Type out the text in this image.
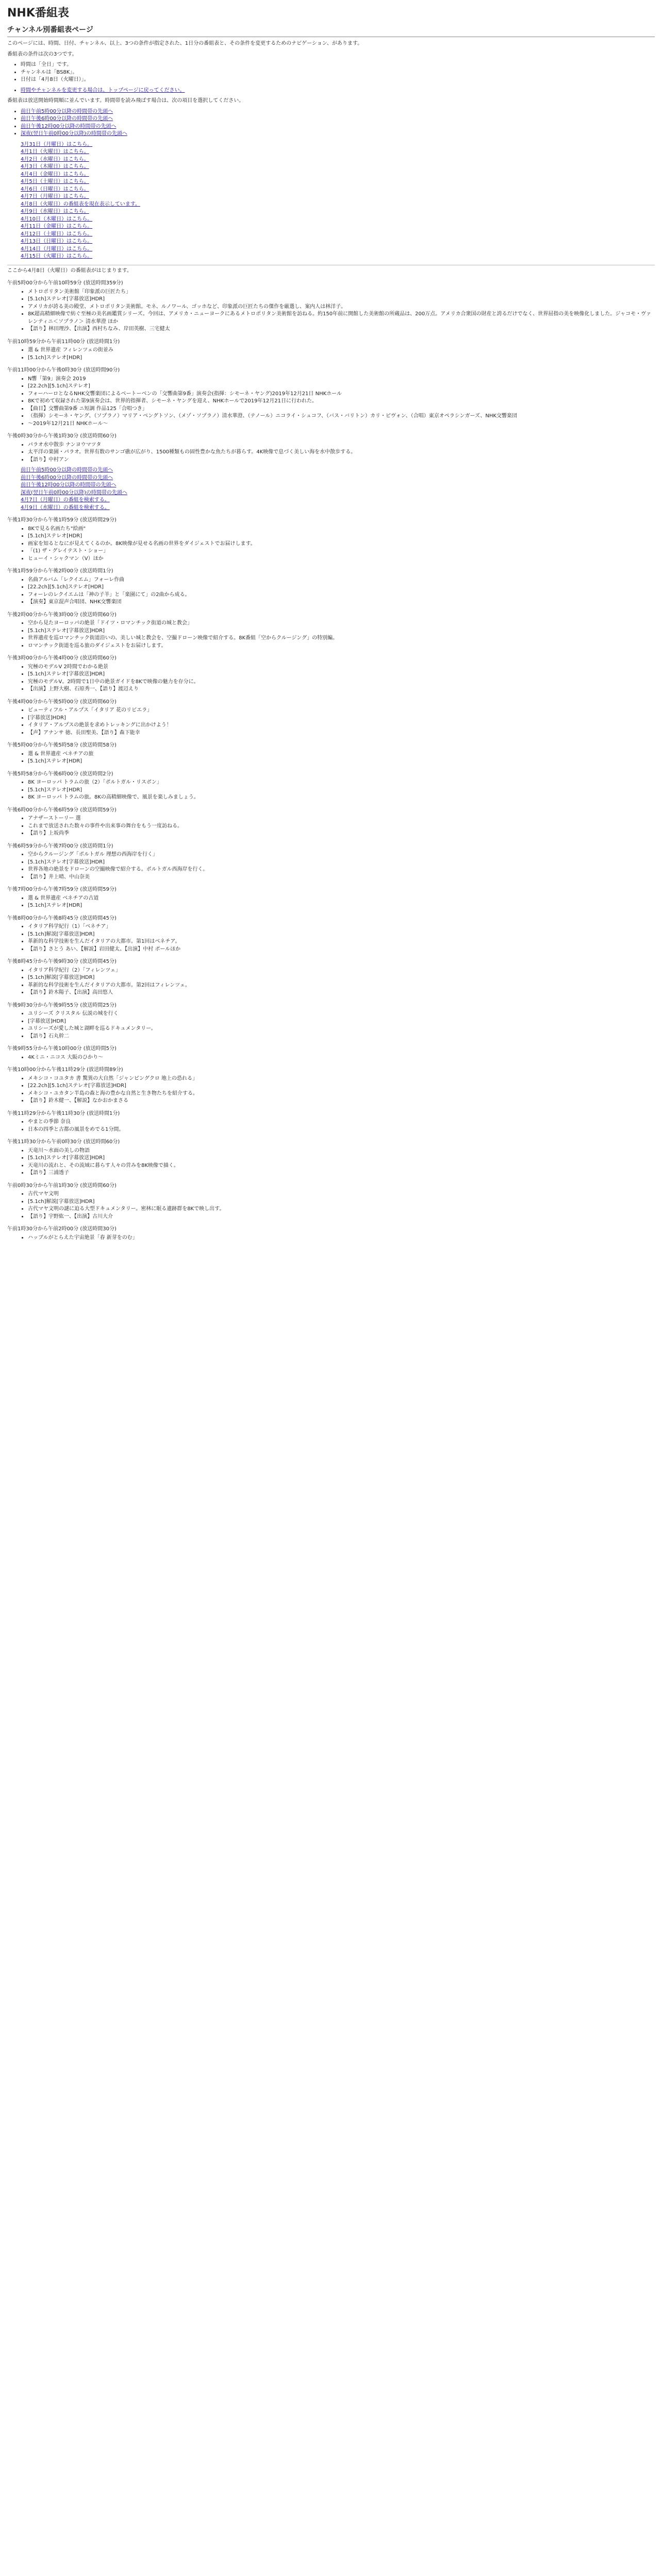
NHK番組表
チャンネル別番組表ページ

このページには、時間、日付、チャンネル、以上、3つの条件が指定された、1日分の番組表と、その条件を変更するためのナビゲーション、があります。

番組表の条件は次の3つです。
• 時間は「全日」です。
• チャンネルは「BS8K」。
• 日付は「4月8日（火曜日）」。
• 時間やチャンネルを変更する場合は、トップページに戻ってください。
番組表は放送開始時間順に並んでいます。時間帯を読み飛ばす場合は、次の項目を選択してください。
• 前日午前5時00分以降の時間帯の先頭へ
• 前日午後6時00分以降の時間帯の先頭へ
• 前日午後12時00分以降の時間帯の先頭へ
• 深夜(翌日午前0時00分以降)の時間帯の先頭へ
3月31日（月曜日）はこちら。
4月1日（火曜日）はこちら。
4月2日（水曜日）はこちら。
4月3日（木曜日）はこちら。
4月4日（金曜日）はこちら。
4月5日（土曜日）はこちら。
4月6日（日曜日）はこちら。
4月7日（月曜日）はこちら。
4月8日（火曜日）の番組表を現在表示しています。
4月9日（水曜日）はこちら。
4月10日（木曜日）はこちら。
4月11日（金曜日）はこちら。
4月12日（土曜日）はこちら。
4月13日（日曜日）はこちら。
4月14日（月曜日）はこちら。
4月15日（火曜日）はこちら。
ここから4月8日（火曜日）の番組表がはじまります。
午前5時00分から午前10時59分 (放送時間359分)
• メトロポリタン美術館「印象派の巨匠たち」
• [5.1ch]ステレオ[字幕放送]HDR]
• アメリカが誇る美の殿堂、メトロポリタン美術館。モネ、ルノワール、ゴッホなど、印象派の巨匠たちの傑作を厳選し、案内人は林洋子。
• 8K超高精細映像で紡ぐ至極の美名画鑑賞シリーズ。今回は、アメリカ・ニューヨークにあるメトロポリタン美術館を訪ねる。約150年前に開館した美術館の所蔵品は、200万点。アメリカ合衆国の財産と誇るだけでなく、世界屈指の美を映像化しました。ジャコモ・ヴァレンティニ＜ソプラノ＞ 清水華澄 ほか
• 【語り】林田理沙、【出演】西村ちなみ、岸田英樹、三宅健太
午前10時59分から午前11時00分 (放送時間1分)
• 選 & 世界遺産 フィレンツェの街並み
• [5.1ch]ステレオ[HDR]
午前11時00分から午後0時30分 (放送時間90分)
• N響「第9」演奏会 2019
• [22.2ch][5.1ch]ステレオ]
• フォーハーロとなるNHK交響楽団によるベートーベンの「交響曲第9番」演奏会(指揮：シモーネ・ヤング)2019年12月21日 NHKホール
• 8Kで初めて収録された第9演奏会は、世界的指揮者、シモーネ・ヤングを迎え、NHKホールで2019年12月21日に行われた。
• 【曲目】交響曲第9番 ニ短調 作品125「合唱つき」
• （指揮）シモーネ・ヤング、（ソプラノ）マリア・ベングトソン、（メゾ・ソプラノ）清水華澄、（テノール）ニコライ・シュコフ、（バス・バリトン）カリ・ピヴォン、（合唱）東京オペラシンガーズ、NHK交響楽団
• 〜2019年12月21日 NHKホール〜
午後0時30分から午後1時30分 (放送時間60分)
• パラオ水中散歩 ナンヨウマツタ
• 太平洋の楽園・パラオ。世界有数のサンゴ礁が広がり、1500種類もの固性豊かな魚たちが暮らす。4K映像で息づく美しい海を水中散歩する。
• 【語り】中村アン
前日午前5時00分以降の時間帯の先頭へ
前日午後6時00分以降の時間帯の先頭へ
前日午後12時00分以降の時間帯の先頭へ
深夜(翌日午前0時00分以降)の時間帯の先頭へ
4月7日（月曜日）の番組を検索する。
4月9日（水曜日）の番組を検索する。
午後1時30分から午後1時59分 (放送時間29分)
• 8Kで見る名画たち"絵画"
• [5.1ch]ステレオ[HDR]
• 画家を知るとなにが見えてくるのか。8K映像が見せる名画の世界をダイジェストでお届けします。
• 「(1) ザ・グレイテスト・ショー」
• ヒューイ・シャクマン（V）ほか
午後1時59分から午後2時00分 (放送時間1分)
• 名曲アルバム「レクイエム」フォーレ作曲
• [22.2ch][5.1ch]ステレオ[HDR]
• フォーレのレクイエムは「神の子羊」と「楽園にて」の2曲から成る。
• 【演奏】東京混声合唱団、NHK交響楽団
午後2時00分から午後3時00分 (放送時間60分)
• 空から見たヨーロッパの絶景「ドイツ・ロマンチック街道の城と教会」
• [5.1ch]ステレオ[字幕放送]HDR]
• 世界遺産を巡ロマンチック街道沿いの、美しい城と教会を、空撮ドローン映像で紹介する。8K番組「空からクルージング」の特別編。
• ロマンチック街道を巡る旅のダイジェストをお届けします。
午後3時00分から午後4時00分 (放送時間60分)
• 究極のモデルV 2時間でわかる絶景
• [5.1ch]ステレオ[字幕放送]HDR]
• 究極のモデルV。2時間で1日中の絶景ガイドを8Kで映像の魅力を存分に。
• 【出演】上野大樹、石原秀一、【語り】渡辺えり
午後4時00分から午後5時00分 (放送時間60分)
• ビューティフル・アルプス「イタリア 花のリビエラ」
• [字幕放送]HDR]
• イタリア・アルプスの絶景を求めトレッキングに出かけよう！
• 【声】アナンサ 徳、長田聖美、【語り】森下能幸
午後5時00分から午後5時58分 (放送時間58分)
• 選 & 世界遺産 ベネチアの旅
• [5.1ch]ステレオ[HDR]
午後5時58分から午後6時00分 (放送時間2分)
• 8K ヨーロッパ トラムの旅（2）「ポルトガル・リスボン」
• [5.1ch]ステレオ[HDR]
• 8K ヨーロッパ トラムの旅。8Kの高精細映像で、風景を楽しみましょう。
午後6時00分から午後6時59分 (放送時間59分)
• アナザーストーリー 選
• これまで放送された数々の事件や出来事の舞台をもう一度訪ねる。
• 【語り】上坂尚季
午後6時59分から午後7時00分 (放送時間1分)
• 空からクルージング「ポルトガル 理想の西海岸を行く」
• [5.1ch]ステレオ[字幕放送]HDR]
• 世界各地の絶景をドローンの空撮映像で紹介する。ポルトガル西海岸を行く。
• 【語り】井上晴、中山奈美
午後7時00分から午後7時59分 (放送時間59分)
• 選 & 世界遺産 ベネチアの古道
• [5.1ch]ステレオ[HDR]
午後8時00分から午後8時45分 (放送時間45分)
• イタリア科学紀行（1）「ベネチア」
• [5.1ch]解説[字幕放送]HDR]
• 革新的な科学技術を生んだイタリアの大都市。第1回はベネチア。
• 【語り】さとう あい、【解説】岩田健太、【出演】中村 ポールほか
午後8時45分から午後9時30分 (放送時間45分)
• イタリア科学紀行（2）「フィレンツェ」
• [5.1ch]解説[字幕放送]HDR]
• 革新的な科学技術を生んだイタリアの大都市。第2回はフィレンツェ。
• 【語り】鈴木陽子、【出演】高田悠人
午後9時30分から午後9時55分 (放送時間25分)
• ユリシーズ クリスタル 伝説の城を行く
• [字幕放送]HDR]
• ユリシーズが愛した城と湖畔を巡るドキュメンタリー。
• 【語り】石丸幹二
午後9時55分から午後10時00分 (放送時間5分)
• 4Kミニ・ニコス 大阪のひかり〜
午後10時00分から午後11時29分 (放送時間89分)
• メキシコ・コユタカ 書 驚異の大自然「ジャンピングクロ 地上の恐れる」
• [22.2ch][5.1ch]ステレオ[字幕放送]HDR]
• メキシコ・ユカタン半島の森と海の豊かな自然と生き物たちを紹介する。
• 【語り】鈴木健一、【解説】なかおかまさる
午後11時29分から午後11時30分 (放送時間1分)
• やまとの季節 奈良
• 日本の四季と古都の風景をめでる1分間。
午後11時30分から午前0時30分 (放送時間60分)
• 天竜川～水面の美しの物語
• [5.1ch]ステレオ[字幕放送]HDR]
• 天竜川の流れと、その流域に暮らす人々の営みを8K映像で描く。
• 【語り】三浦透子
午前0時30分から午前1時30分 (放送時間60分)
• 古代マヤ文明
• [5.1ch]解説[字幕放送]HDR]
• 古代マヤ文明の謎に迫る大型ドキュメンタリー。密林に眠る遺跡群を8Kで映し出す。
• 【語り】宇野紘一、【出演】古川大介
午前1時30分から午前2時00分 (放送時間30分)
• ハッブルがとらえた宇宙絶景「春 新芽をのむ」
